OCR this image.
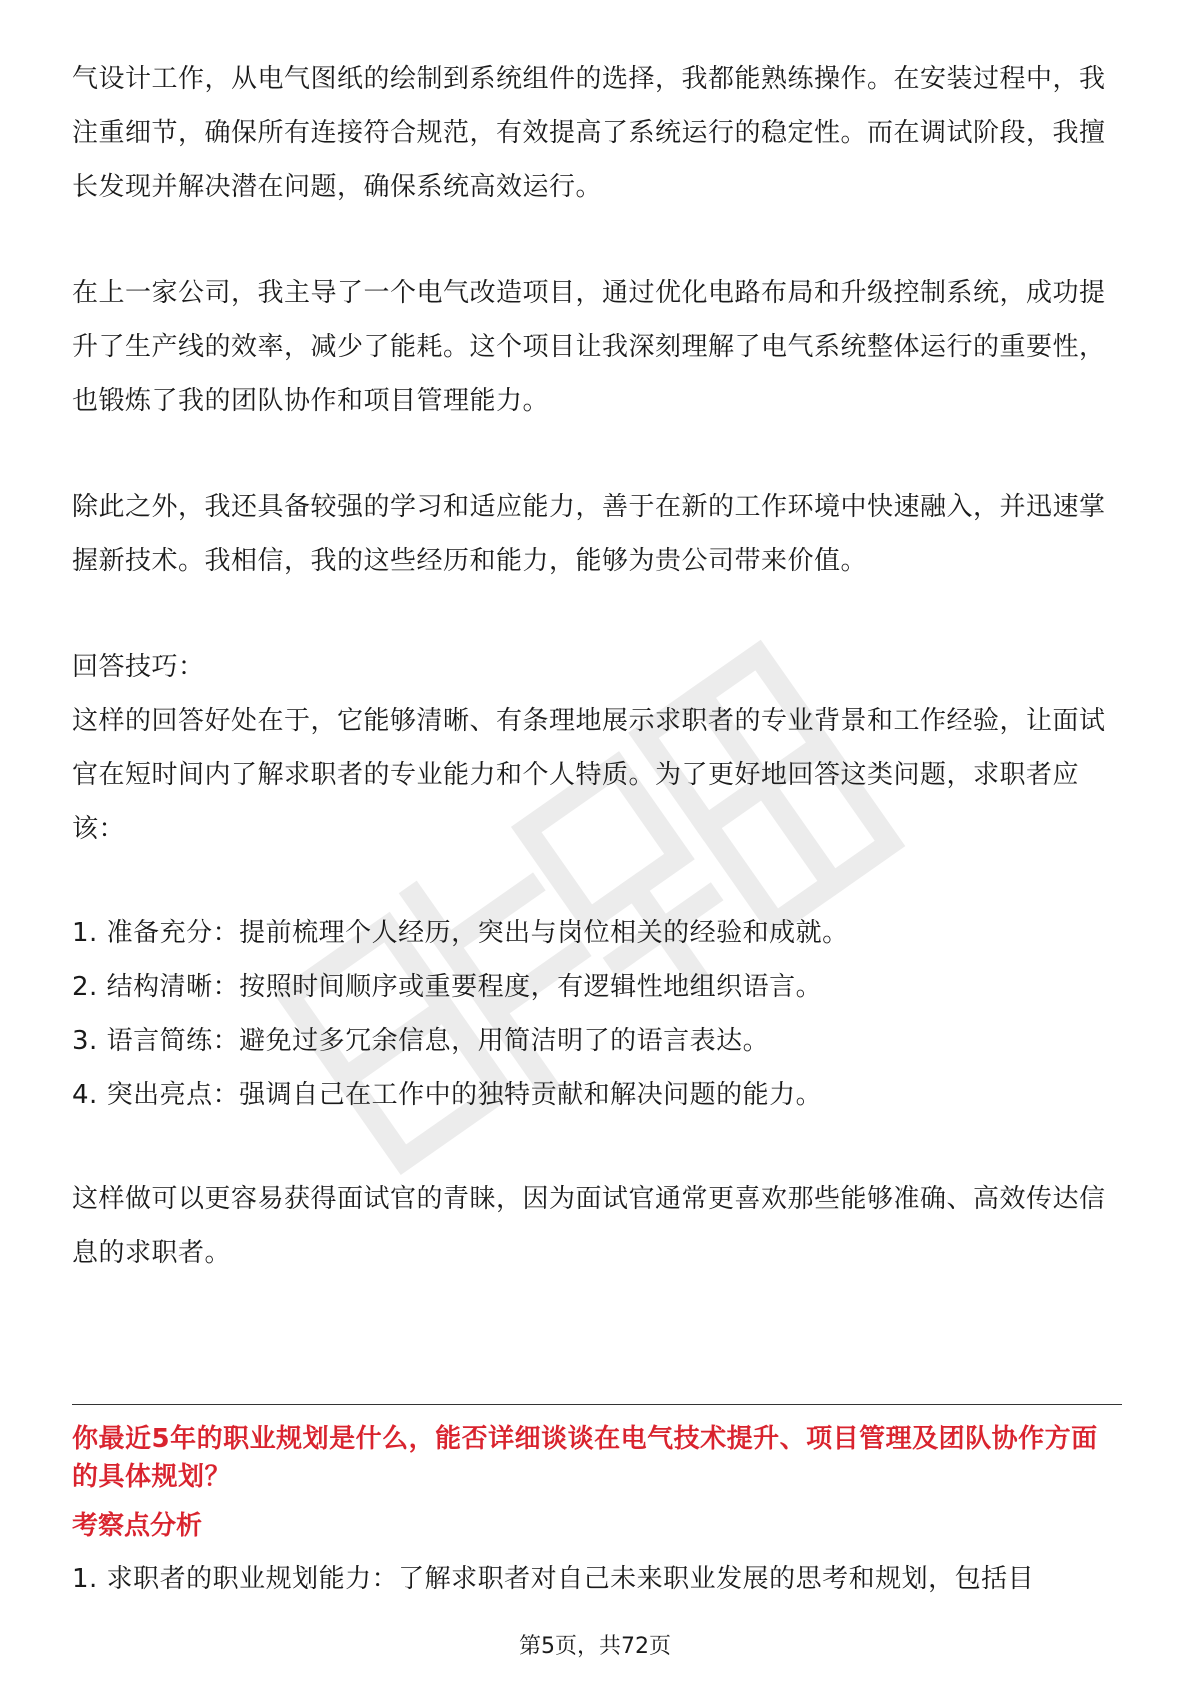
气设计工作，从电气图纸的绘制到系统组件的选择，我都能熟练操作。在安装过程中，我注重细节，确保所有连接符合规范，有效提高了系统运行的稳定性。而在调试阶段，我擅长发现并解决潜在问题，确保系统高效运行。

在上一家公司，我主导了一个电气改造项目，通过优化电路布局和升级控制系统，成功提升了生产线的效率，减少了能耗。这个项目让我深刻理解了电气系统整体运行的重要性，也锻炼了我的团队协作和项目管理能力。

除此之外，我还具备较强的学习和适应能力，善于在新的工作环境中快速融入，并迅速掌握新技术。我相信，我的这些经历和能力，能够为贵公司带来价值。

回答技巧：

这样的回答好处在于，它能够清晰、有条理地展示求职者的专业背景和工作经验，让面试官在短时间内了解求职者的专业能力和个人特质。为了更好地回答这类问题，求职者应该：

1. 准备充分：提前梳理个人经历，突出与岗位相关的经验和成就。

2. 结构清晰：按照时间顺序或重要程度，有逻辑性地组织语言。

3. 语言简练：避免过多冗余信息，用简洁明了的语言表达。

4. 突出亮点：强调自己在工作中的独特贡献和解决问题的能力。

这样做可以更容易获得面试官的青睐，因为面试官通常更喜欢那些能够准确、高效传达信息的求职者。

你最近5年的职业规划是什么，能否详细谈谈在电气技术提升、项目管理及团队协作方面的具体规划？

考察点分析

1. 求职者的职业规划能力：了解求职者对自己未来职业发展的思考和规划，包括目

第5页，共72页
